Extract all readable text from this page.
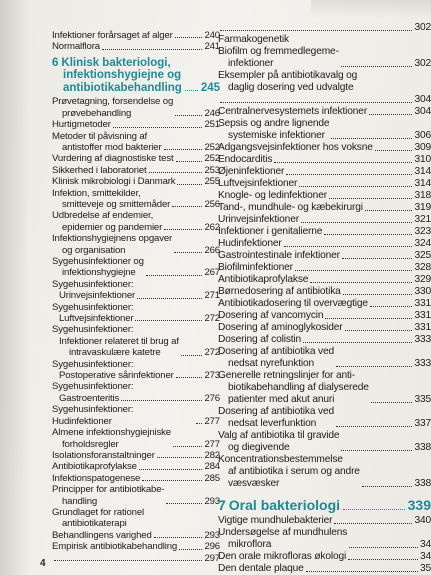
Infektioner forårsaget af alger	240
Normalflora	241
6 Klinisk bakteriologi,
infektionshygiejne og
antibiotikabehandling 245
Prøvetagning, forsendelse og
prøvebehandling	246
Hurtigmetoder	251
Metoder til påvisning af
antistoffer mod bakterier	252
Vurdering af diagnostiske test	252
Sikkerhed i laboratoriet	253
Klinisk mikrobiologi i Danmark	255
Infektion, smittekilder,
smitteveje og smittemåder	256
Udbredelse af endemier,
epidemier og pandemier	262
Infektionshygiejnens opgaver
og organisation	266
Sygehusinfektioner og
infektionshygiejne	267
Sygehusinfektioner:
Urinvejsinfektioner	271
Sygehusinfektioner:
Luftvejsinfektioner	272
Sygehusinfektioner:
Infektioner relateret til brug af
intravaskulære katetre	272
Sygehusinfektioner:
Postoperative sårinfektioner	273
Sygehusinfektioner:
Gastroenteritis	276
Sygehusinfektioner: Hudinfektioner	277
Almene infektionshygiejniske
forholdsregler	277
Isolationsforanstaltninger	282
Antibiotikaprofylakse	284
Infektionspatogenese	285
Principper for antibiotikabe-
handling	293
Grundlaget for rationel
antibiotikaterapi
Behandlingens varighed	293
Empirisk antibiotikabehandling	296
297
302
Farmakogenetik
Biofilm og fremmedlegeme-
infektioner	302
Eksempler på antibiotikavalg og
daglig dosering ved udvalgte
304
Centralnervesystemets infektioner	304
Sepsis og andre lignende
systemiske infektioner	306
Adgangsvejsinfektioner hos voksne	309
Endocarditis	310
Øjeninfektioner	314
Luftvejsinfektioner	314
Knogle- og ledinfektioner	318
Tand-, mundhule- og kæbekirurgi	319
Urinvejsinfektioner	321
Infektioner i genitalierne	323
Hudinfektioner	324
Gastrointestinale infektioner	325
Biofilminfektioner	328
Antibiotikaprofylakse	329
Børnedosering af antibiotika	330
Antibiotikadosering til overvægtige	331
Dosering af vancomycin	331
Dosering af aminoglykosider	331
Dosering af colistin	333
Dosering af antibiotika ved
nedsat nyrefunktion	333
Generelle retningslinjer for anti-
biotikabehandling af dialyserede
patienter med akut anuri	335
Dosering af antibiotika ved
nedsat leverfunktion	337
Valg af antibiotika til gravide
og diegivende	338
Koncentrationsbestemmelse
af antibiotika i serum og andre
væsvæsker	338
7 Oral bakteriologi	339
Vigtige mundhulebakterier	340
Undersøgelse af mundhulens
mikroflora	34
Den orale mikrofloras økologi	34
Den dentale plaque	35
4
